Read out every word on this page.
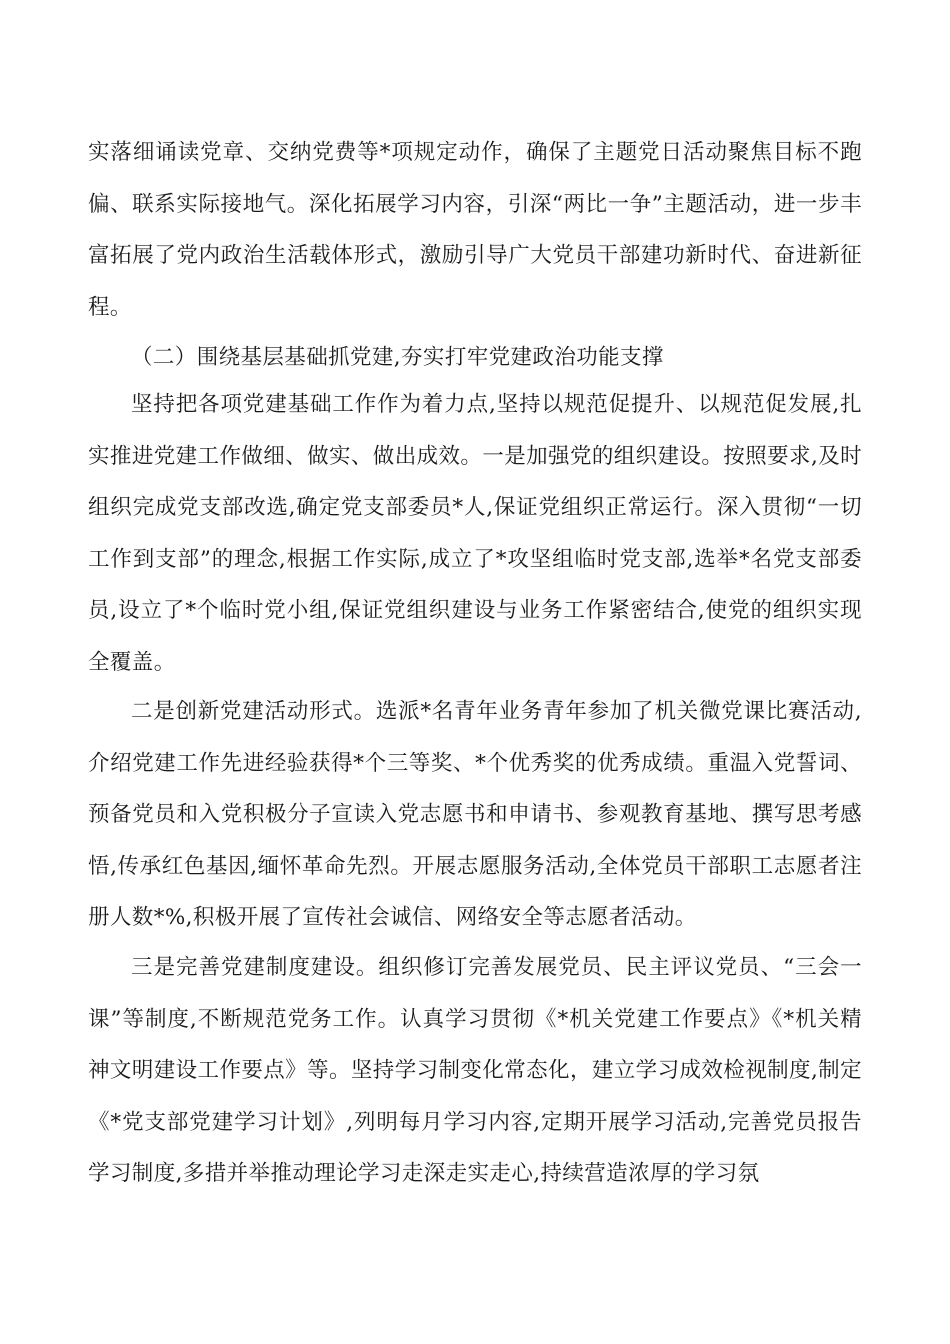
实落细诵读党章、交纳党费等*项规定动作，确保了主题党日活动聚焦目标不跑偏、联系实际接地气。深化拓展学习内容，引深“两比一争”主题活动，进一步丰富拓展了党内政治生活载体形式，激励引导广大党员干部建功新时代、奋进新征程。

（二）围绕基层基础抓党建,夯实打牢党建政治功能支撑

坚持把各项党建基础工作作为着力点,坚持以规范促提升、以规范促发展,扎实推进党建工作做细、做实、做出成效。一是加强党的组织建设。按照要求,及时组织完成党支部改选,确定党支部委员*人,保证党组织正常运行。深入贯彻“一切工作到支部”的理念,根据工作实际,成立了*攻坚组临时党支部,选举*名党支部委员,设立了*个临时党小组,保证党组织建设与业务工作紧密结合,使党的组织实现全覆盖。

二是创新党建活动形式。选派*名青年业务青年参加了机关微党课比赛活动,介绍党建工作先进经验获得*个三等奖、*个优秀奖的优秀成绩。重温入党誓词、预备党员和入党积极分子宣读入党志愿书和申请书、参观教育基地、撰写思考感悟,传承红色基因,缅怀革命先烈。开展志愿服务活动,全体党员干部职工志愿者注册人数*%,积极开展了宣传社会诚信、网络安全等志愿者活动。

三是完善党建制度建设。组织修订完善发展党员、民主评议党员、“三会一课”等制度,不断规范党务工作。认真学习贯彻《*机关党建工作要点》《*机关精神文明建设工作要点》等。坚持学习制变化常态化，建立学习成效检视制度,制定《*党支部党建学习计划》,列明每月学习内容,定期开展学习活动,完善党员报告学习制度,多措并举推动理论学习走深走实走心,持续营造浓厚的学习氛
